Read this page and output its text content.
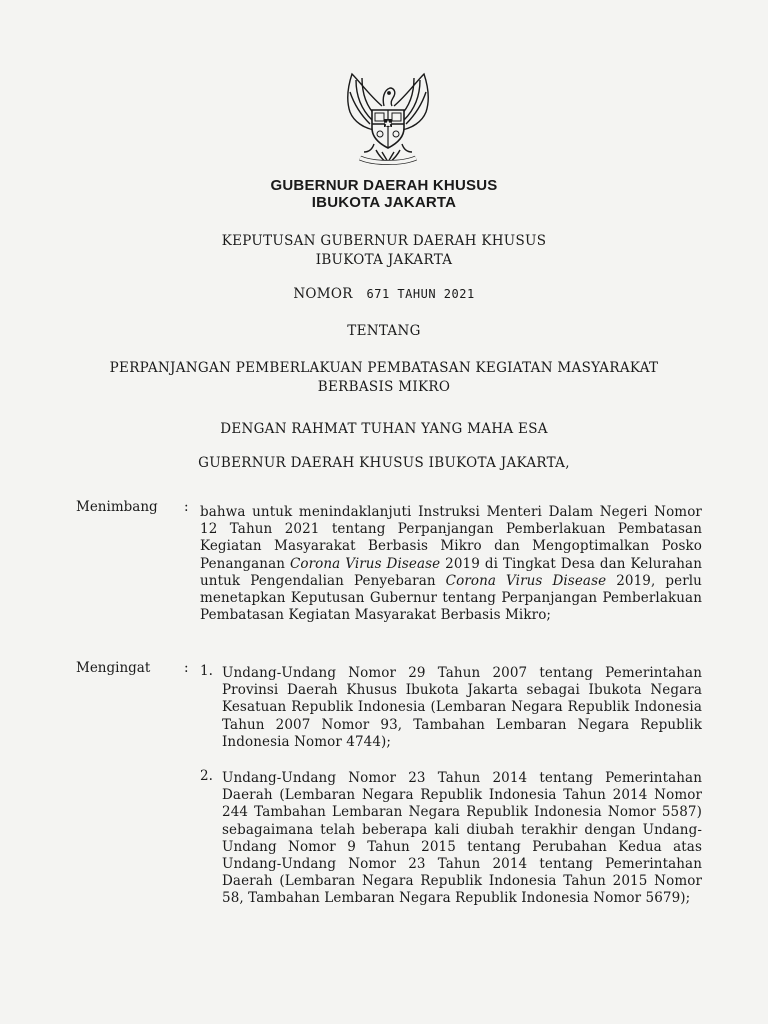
GUBERNUR DAERAH KHUSUS
IBUKOTA JAKARTA
KEPUTUSAN GUBERNUR DAERAH KHUSUS
IBUKOTA JAKARTA
NOMOR 671 TAHUN 2021
TENTANG
PERPANJANGAN PEMBERLAKUAN PEMBATASAN KEGIATAN MASYARAKAT
BERBASIS MIKRO
DENGAN RAHMAT TUHAN YANG MAHA ESA
GUBERNUR DAERAH KHUSUS IBUKOTA JAKARTA,
Menimbang : bahwa untuk menindaklanjuti Instruksi Menteri Dalam Negeri Nomor 12 Tahun 2021 tentang Perpanjangan Pemberlakuan Pembatasan Kegiatan Masyarakat Berbasis Mikro dan Mengoptimalkan Posko Penanganan Corona Virus Disease 2019 di Tingkat Desa dan Kelurahan untuk Pengendalian Penyebaran Corona Virus Disease 2019, perlu menetapkan Keputusan Gubernur tentang Perpanjangan Pemberlakuan Pembatasan Kegiatan Masyarakat Berbasis Mikro;
Mengingat : 1. Undang-Undang Nomor 29 Tahun 2007 tentang Pemerintahan Provinsi Daerah Khusus Ibukota Jakarta sebagai Ibukota Negara Kesatuan Republik Indonesia (Lembaran Negara Republik Indonesia Tahun 2007 Nomor 93, Tambahan Lembaran Negara Republik Indonesia Nomor 4744);
2. Undang-Undang Nomor 23 Tahun 2014 tentang Pemerintahan Daerah (Lembaran Negara Republik Indonesia Tahun 2014 Nomor 244 Tambahan Lembaran Negara Republik Indonesia Nomor 5587) sebagaimana telah beberapa kali diubah terakhir dengan Undang-Undang Nomor 9 Tahun 2015 tentang Perubahan Kedua atas Undang-Undang Nomor 23 Tahun 2014 tentang Pemerintahan Daerah (Lembaran Negara Republik Indonesia Tahun 2015 Nomor 58, Tambahan Lembaran Negara Republik Indonesia Nomor 5679);
